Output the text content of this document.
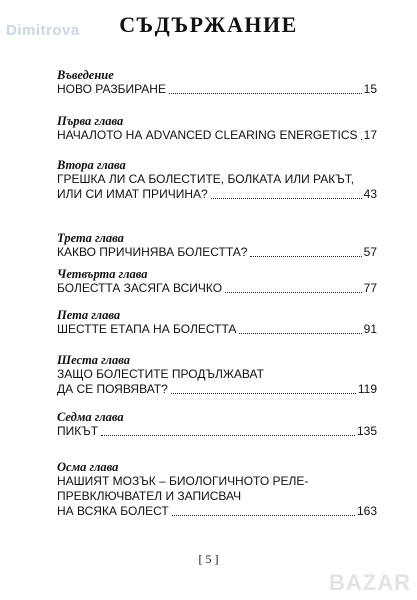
Dimitrova	СЪДЪРЖАНИЕ
Въведение
НОВО РАЗБИРАНЕ	15
Първа глава
НАЧАЛОТО НА ADVANCED CLEARING ENERGETICS 17
Втора глава
ГРЕШКА ЛИ СА БОЛЕСТИТЕ, БОЛКАТА ИЛИ РАКЪТ,
ИЛИ СИ ИМАТ ПРИЧИНА?	43
Трета глава
КАКВО ПРИЧИНЯВА БОЛЕСТТА?	57
Четвърта глава
БОЛЕСТТА ЗАСЯГА ВСИЧКО	77
Пета глава
ШЕСТТЕ ЕТАПА НА БОЛЕСТТА	91
Шеста глава
ЗАЩО БОЛЕСТИТЕ ПРОДЪЛЖАВАТ
ДА СЕ ПОЯВЯВАТ?	119
Седма глава
ПИКЪТ	135
Осма глава
НАШИЯТ МОЗЪК – БИОЛОГИЧНОТО РЕЛЕ-
ПРЕВКЛЮЧВАТЕЛ И ЗАПИСВАЧ
НА ВСЯКА БОЛЕСТ	163
[ 5 ]
BAZAR
